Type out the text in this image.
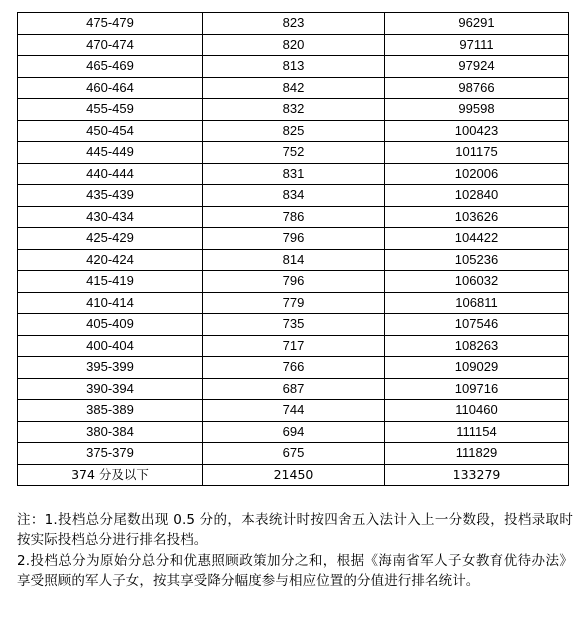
475-479	823	96291
470-474	820	97111
465-469	813	97924
460-464	842	98766
455-459	832	99598
450-454	825	100423
445-449	752	101175
440-444	831	102006
435-439	834	102840
430-434	786	103626
425-429	796	104422
420-424	814	105236
415-419	796	106032
410-414	779	106811
405-409	735	107546
400-404	717	108263
395-399	766	109029
390-394	687	109716
385-389	744	110460
380-384	694	111154
375-379	675	111829
374 分及以下	21450	133279

注：1.投档总分尾数出现 0.5 分的，本表统计时按四舍五入法计入上一分数段，投档录取时按实际投档总分进行排名投档。

2.投档总分为原始分总分和优惠照顾政策加分之和，根据《海南省军人子女教育优待办法》享受照顾的军人子女，按其享受降分幅度参与相应位置的分值进行排名统计。
